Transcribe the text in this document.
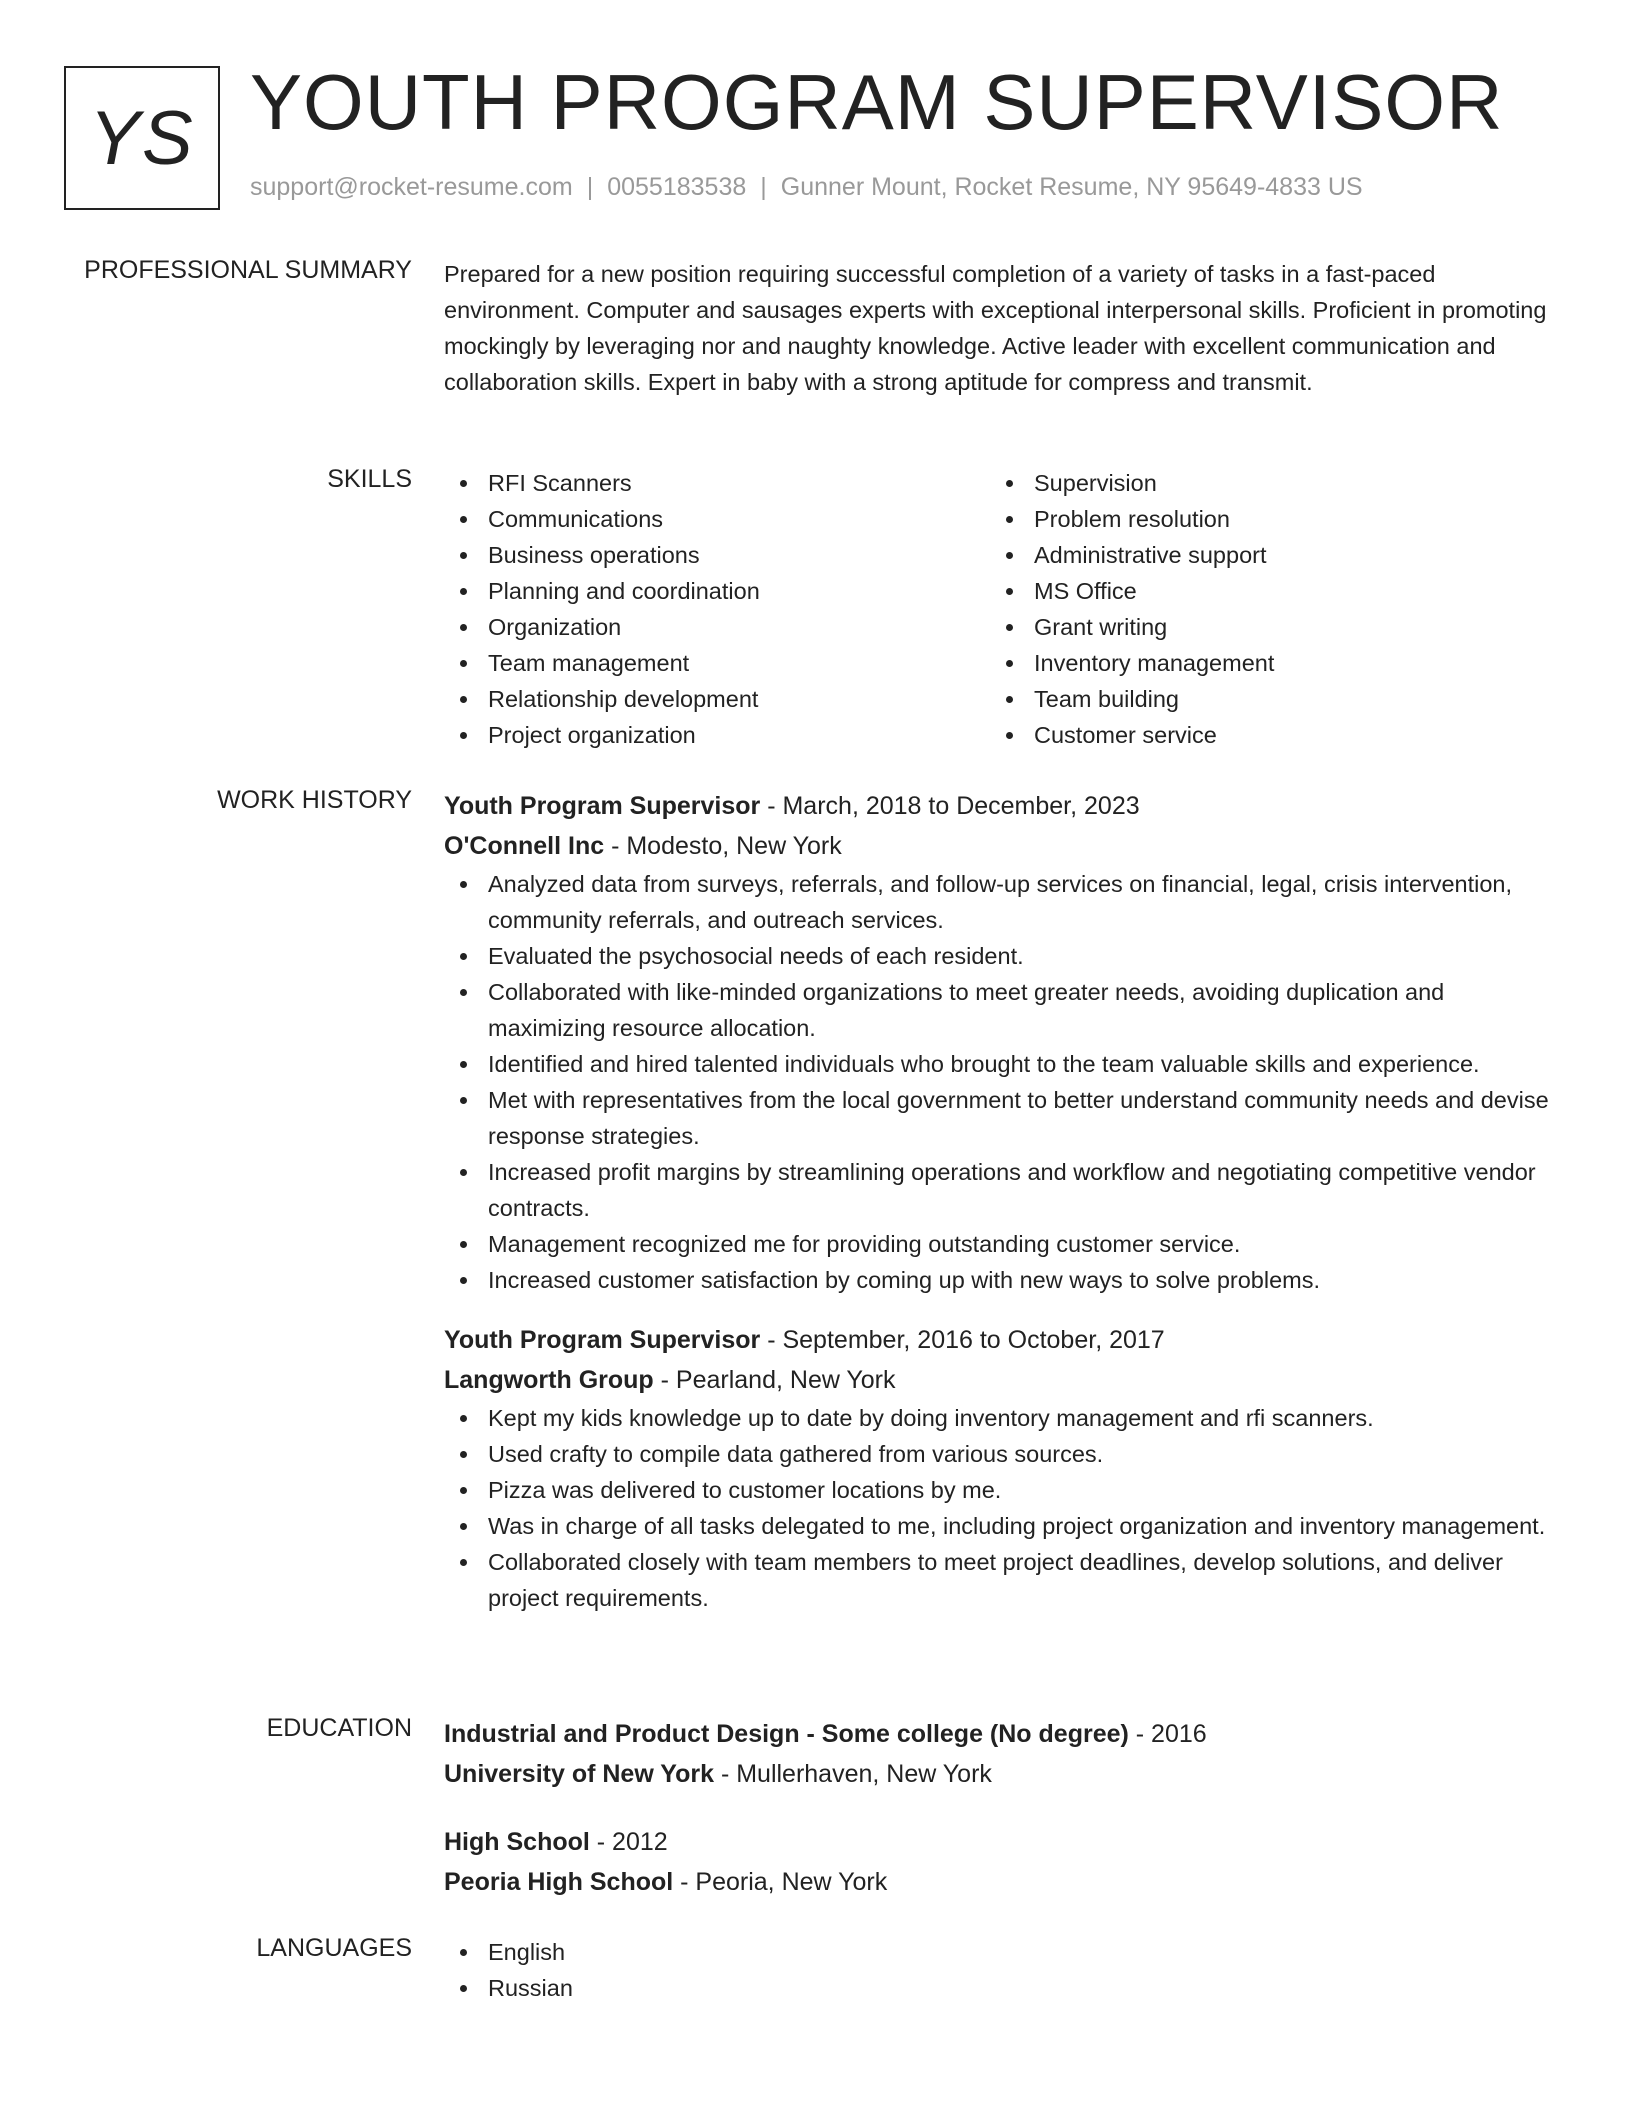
YS YOUTH PROGRAM SUPERVISOR
support@rocket-resume.com | 0055183538 | Gunner Mount, Rocket Resume, NY 95649-4833 US
PROFESSIONAL SUMMARY Prepared for a new position requiring successful completion of a variety of tasks in a fast-paced environment. Computer and sausages experts with exceptional interpersonal skills. Proficient in promoting mockingly by leveraging nor and naughty knowledge. Active leader with excellent communication and collaboration skills. Expert in baby with a strong aptitude for compress and transmit.

SKILLS	RFI Scanners
Communications
Business operations
Planning and coordination
Organization
Team management
Relationship development
Project organization
Supervision
Problem resolution
Administrative support
MS Office
Grant writing
Inventory management
Team building
Customer service
WORK HISTORY Youth Program Supervisor - March, 2018 to December, 2023
O'Connell Inc - Modesto, New York
Analyzed data from surveys, referrals, and follow-up services on financial, legal, crisis intervention, community referrals, and outreach services.
Evaluated the psychosocial needs of each resident.
Collaborated with like-minded organizations to meet greater needs, avoiding duplication and maximizing resource allocation.
Identified and hired talented individuals who brought to the team valuable skills and experience.
Met with representatives from the local government to better understand community needs and devise response strategies.
Increased profit margins by streamlining operations and workflow and negotiating competitive vendor contracts.
Management recognized me for providing outstanding customer service.
Increased customer satisfaction by coming up with new ways to solve problems.
Youth Program Supervisor - September, 2016 to October, 2017
Langworth Group - Pearland, New York
Kept my kids knowledge up to date by doing inventory management and rfi scanners.
Used crafty to compile data gathered from various sources.
Pizza was delivered to customer locations by me.
Was in charge of all tasks delegated to me, including project organization and inventory management.
Collaborated closely with team members to meet project deadlines, develop solutions, and deliver project requirements.
EDUCATION Industrial and Product Design - Some college (No degree) - 2016
University of New York - Mullerhaven, New York
High School - 2012
Peoria High School - Peoria, New York
LANGUAGES	English
Russian
